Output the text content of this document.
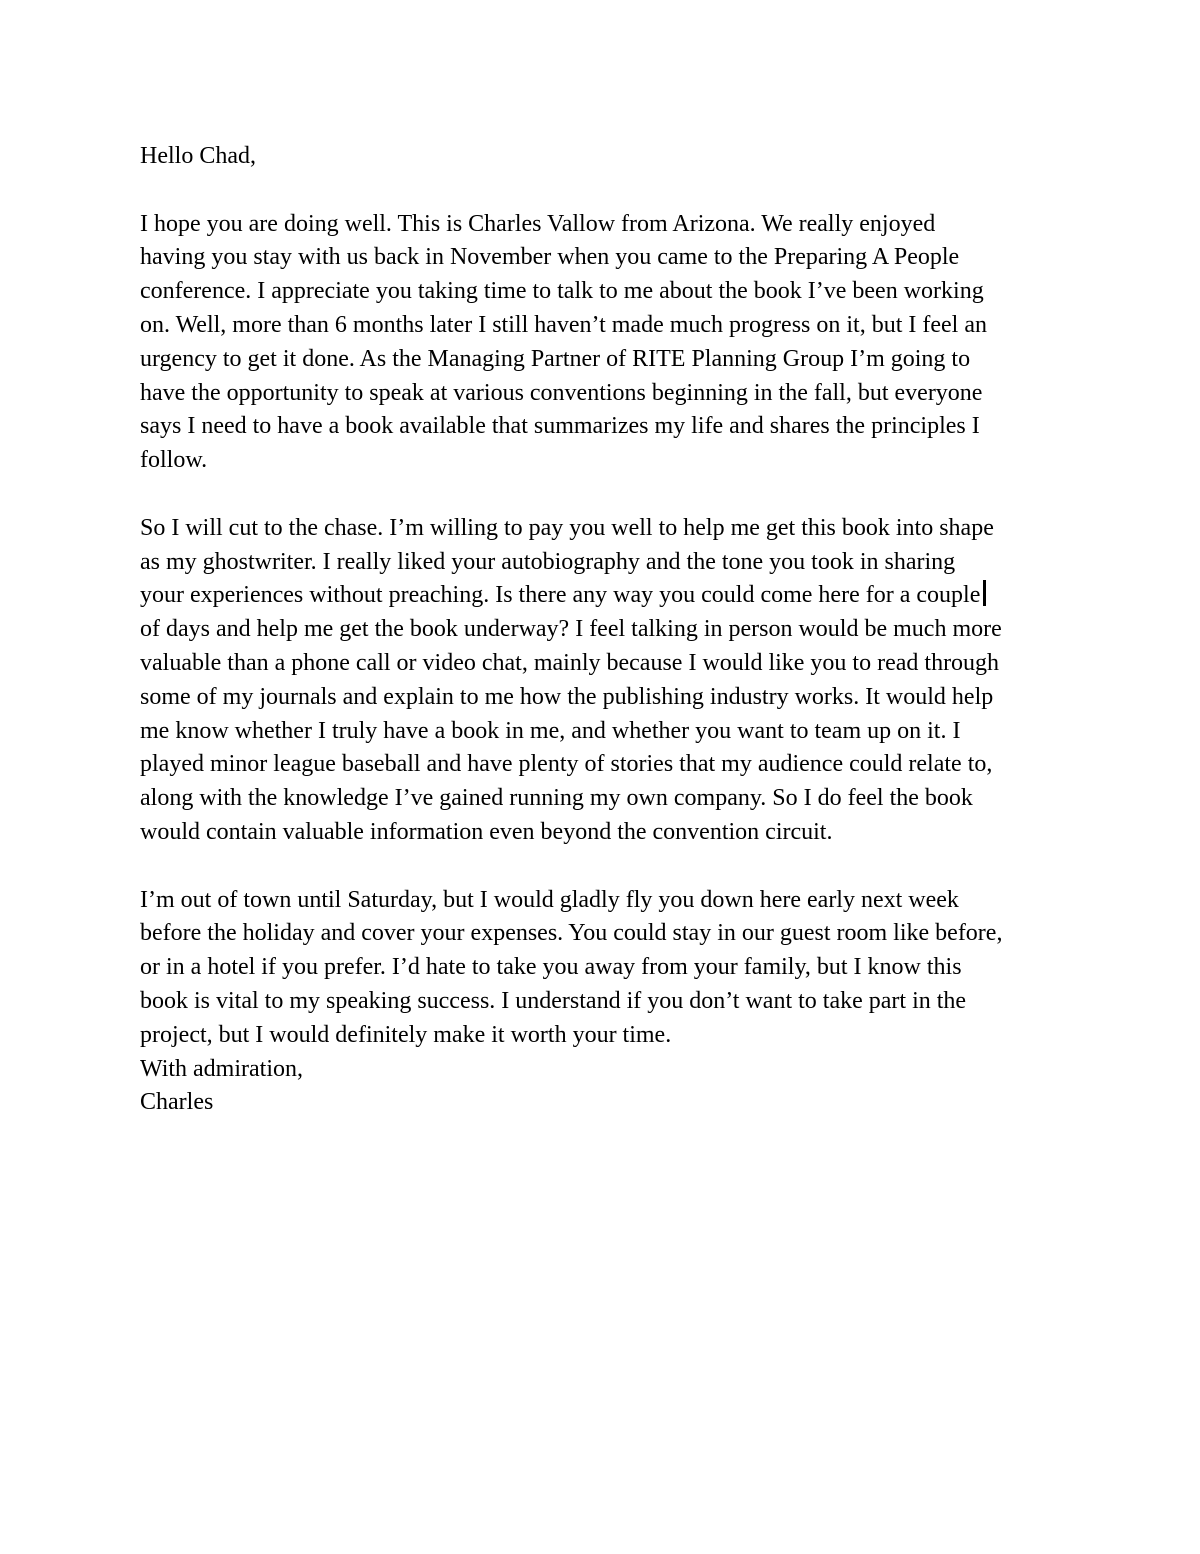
Hello Chad,
I hope you are doing well. This is Charles Vallow from Arizona. We really enjoyed
having you stay with us back in November when you came to the Preparing A People
conference. I appreciate you taking time to talk to me about the book I’ve been working
on. Well, more than 6 months later I still haven’t made much progress on it, but I feel an
urgency to get it done. As the Managing Partner of RITE Planning Group I’m going to
have the opportunity to speak at various conventions beginning in the fall, but everyone
says I need to have a book available that summarizes my life and shares the principles I
follow.
So I will cut to the chase. I’m willing to pay you well to help me get this book into shape
as my ghostwriter. I really liked your autobiography and the tone you took in sharing
your experiences without preaching. Is there any way you could come here for a couple
of days and help me get the book underway? I feel talking in person would be much more
valuable than a phone call or video chat, mainly because I would like you to read through
some of my journals and explain to me how the publishing industry works. It would help
me know whether I truly have a book in me, and whether you want to team up on it. I
played minor league baseball and have plenty of stories that my audience could relate to,
along with the knowledge I’ve gained running my own company. So I do feel the book
would contain valuable information even beyond the convention circuit.
I’m out of town until Saturday, but I would gladly fly you down here early next week
before the holiday and cover your expenses. You could stay in our guest room like before,
or in a hotel if you prefer. I’d hate to take you away from your family, but I know this
book is vital to my speaking success. I understand if you don’t want to take part in the
project, but I would definitely make it worth your time.
With admiration,
Charles
